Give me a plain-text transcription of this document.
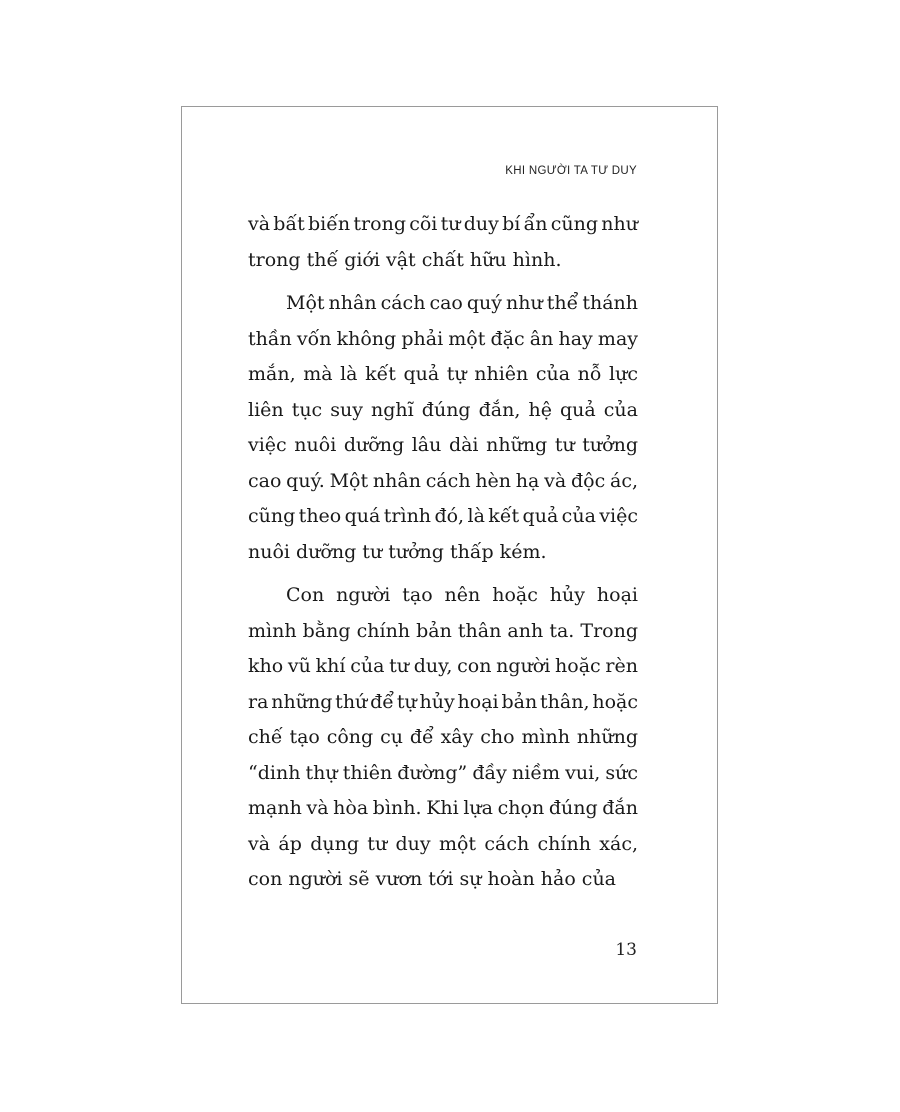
KHI NGƯỜI TA TƯ DUY
và bất biến trong cõi tư duy bí ẩn cũng như
trong thế giới vật chất hữu hình.
Một nhân cách cao quý như thể thánh
thần vốn không phải một đặc ân hay may
mắn, mà là kết quả tự nhiên của nỗ lực
liên tục suy nghĩ đúng đắn, hệ quả của
việc nuôi dưỡng lâu dài những tư tưởng
cao quý. Một nhân cách hèn hạ và độc ác,
cũng theo quá trình đó, là kết quả của việc
nuôi dưỡng tư tưởng thấp kém.
Con người tạo nên hoặc hủy hoại
mình bằng chính bản thân anh ta. Trong
kho vũ khí của tư duy, con người hoặc rèn
ra những thứ để tự hủy hoại bản thân, hoặc
chế tạo công cụ để xây cho mình những
“dinh thự thiên đường” đầy niềm vui, sức
mạnh và hòa bình. Khi lựa chọn đúng đắn
và áp dụng tư duy một cách chính xác,
con người sẽ vươn tới sự hoàn hảo của
13
